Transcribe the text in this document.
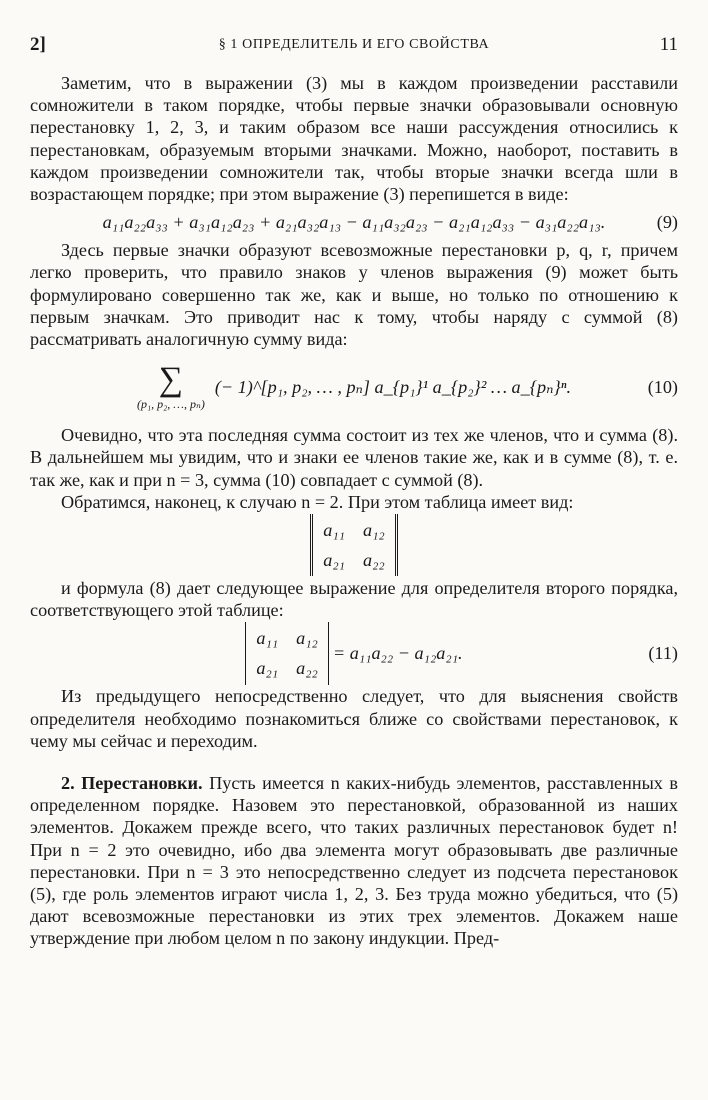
2]	§ 1 ОПРЕДЕЛИТЕЛЬ И ЕГО СВОЙСТВА	11

Заметим, что в выражении (3) мы в каждом произведении расставили сомножители в таком порядке, чтобы первые значки образовывали основную перестановку 1, 2, 3, и таким образом все наши рассуждения относились к перестановкам, образуемым вторыми значками. Можно, наоборот, поставить в каждом произведении сомножители так, чтобы вторые значки всегда шли в возрастающем порядке; при этом выражение (3) перепишется в виде:

a₁₁a₂₂a₃₃ + a₃₁a₁₂a₂₃ + a₂₁a₃₂a₁₃ − a₁₁a₃₂a₂₃ − a₂₁a₁₂a₃₃ − a₃₁a₂₂a₁₃.	(9)

Здесь первые значки образуют всевозможные перестановки p, q, r, причем легко проверить, что правило знаков у членов выражения (9) может быть формулировано совершенно так же, как и выше, но только по отношению к первым значкам. Это приводит нас к тому, чтобы наряду с суммой (8) рассматривать аналогичную сумму вида:

∑
(p₁, p₂, …, pₙ)
(− 1)^[p₁, p₂, … , pₙ] a_{p₁}¹ a_{p₂}² … a_{pₙ}ⁿ.	(10)

Очевидно, что эта последняя сумма состоит из тех же членов, что и сумма (8). В дальнейшем мы увидим, что и знаки ее членов такие же, как и в сумме (8), т. е. так же, как и при n = 3, сумма (10) совпадает с суммой (8).

Обратимся, наконец, к случаю n = 2. При этом таблица имеет вид:

a₁₁ a₁₂
a₂₁ a₂₂

и формула (8) дает следующее выражение для определителя второго порядка, соответствующего этой таблице:

a₁₁ a₁₂
a₂₁ a₂₂
= a₁₁a₂₂ − a₁₂a₂₁.	(11)

Из предыдущего непосредственно следует, что для выяснения свойств определителя необходимо познакомиться ближе со свойствами перестановок, к чему мы сейчас и переходим.

2. Перестановки. Пусть имеется n каких-нибудь элементов, расставленных в определенном порядке. Назовем это перестановкой, образованной из наших элементов. Докажем прежде всего, что таких различных перестановок будет n! При n = 2 это очевидно, ибо два элемента могут образовывать две различные перестановки. При n = 3 это непосредственно следует из подсчета перестановок (5), где роль элементов играют числа 1, 2, 3. Без труда можно убедиться, что (5) дают всевозможные перестановки из этих трех элементов. Докажем наше утверждение при любом целом n по закону индукции. Пред-
